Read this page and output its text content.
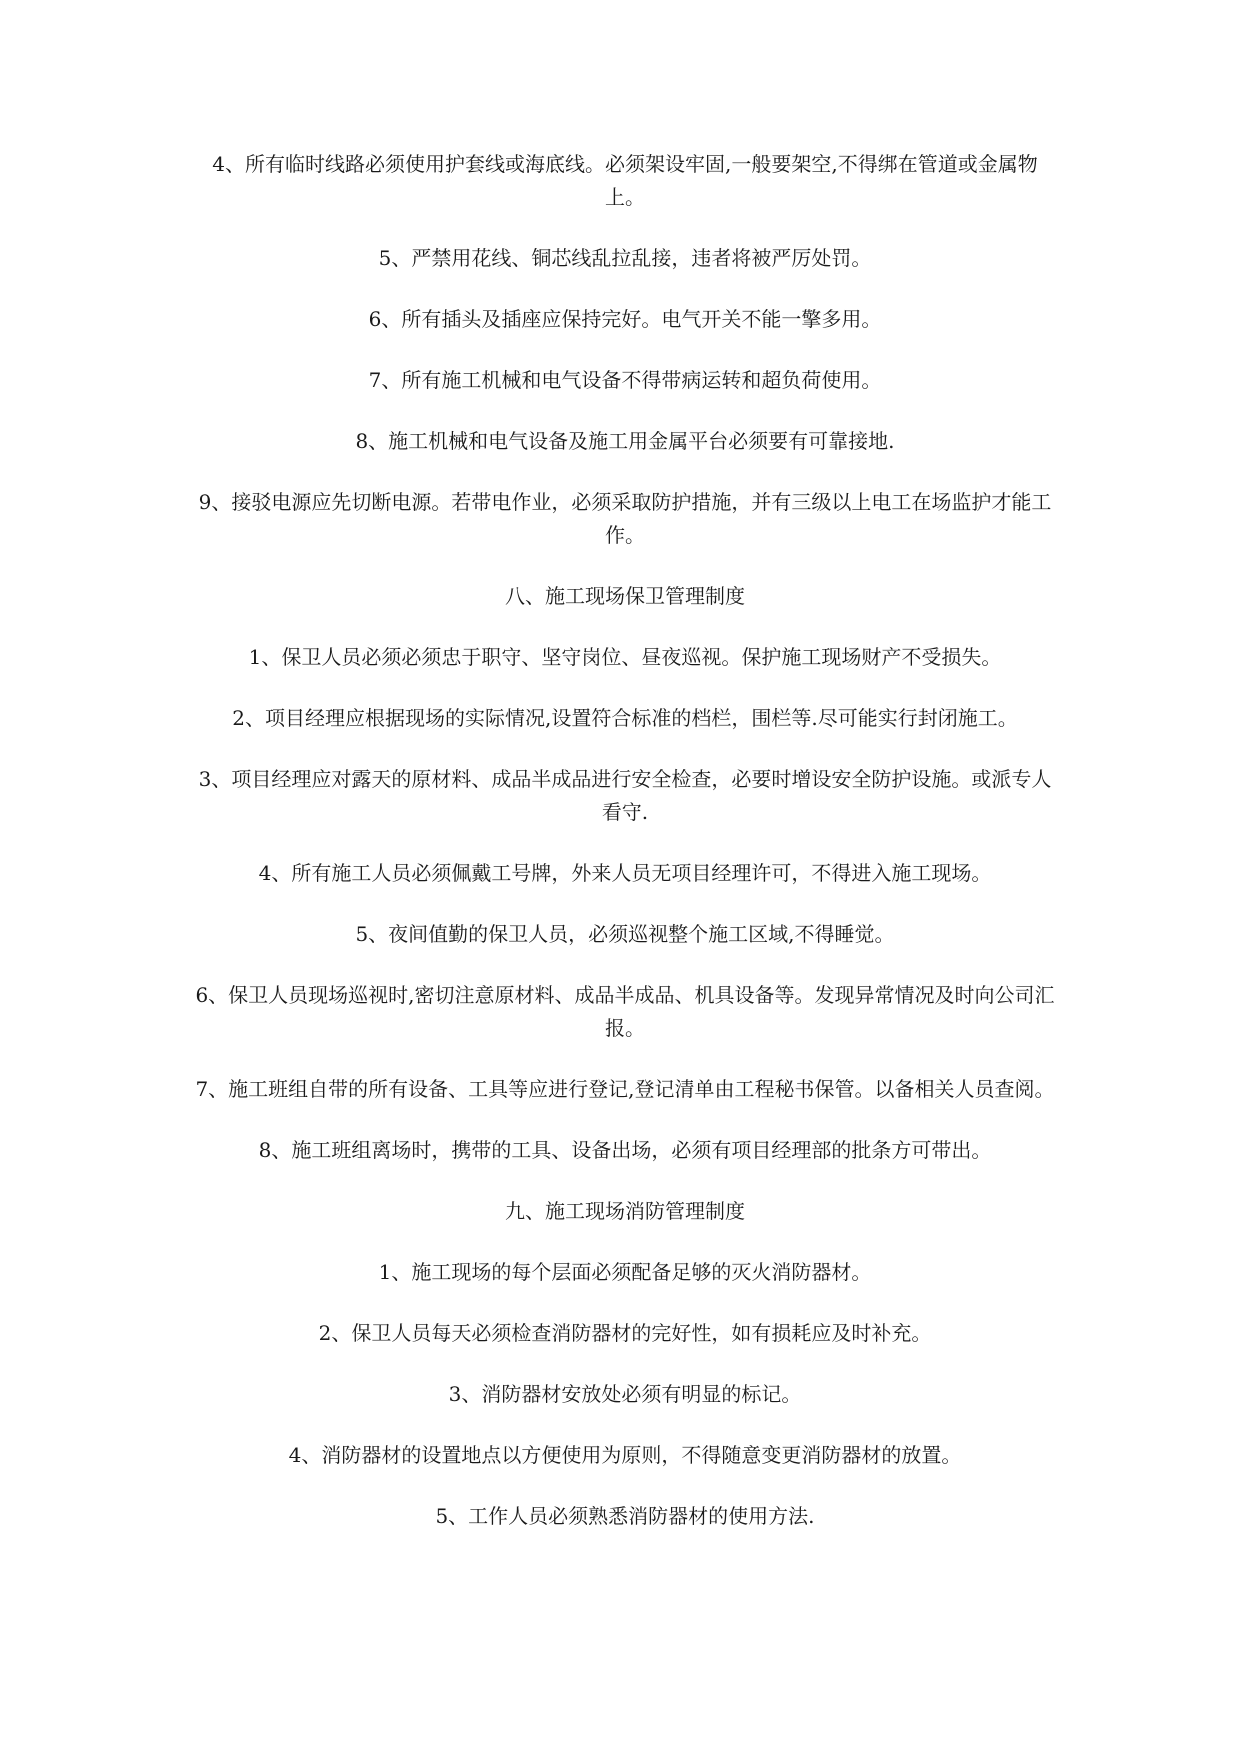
4、所有临时线路必须使用护套线或海底线。必须架设牢固,一般要架空,不得绑在管道或金属物上。

5、严禁用花线、铜芯线乱拉乱接，违者将被严厉处罚。

6、所有插头及插座应保持完好。电气开关不能一擎多用。

7、所有施工机械和电气设备不得带病运转和超负荷使用。

8、施工机械和电气设备及施工用金属平台必须要有可靠接地.

9、接驳电源应先切断电源。若带电作业，必须采取防护措施，并有三级以上电工在场监护才能工作。

八、施工现场保卫管理制度

1、保卫人员必须必须忠于职守、坚守岗位、昼夜巡视。保护施工现场财产不受损失。

2、项目经理应根据现场的实际情况,设置符合标准的档栏，围栏等.尽可能实行封闭施工。

3、项目经理应对露天的原材料、成品半成品进行安全检查，必要时增设安全防护设施。或派专人看守.

4、所有施工人员必须佩戴工号牌，外来人员无项目经理许可，不得进入施工现场。

5、夜间值勤的保卫人员，必须巡视整个施工区域,不得睡觉。

6、保卫人员现场巡视时,密切注意原材料、成品半成品、机具设备等。发现异常情况及时向公司汇报。

7、施工班组自带的所有设备、工具等应进行登记,登记清单由工程秘书保管。以备相关人员查阅。

8、施工班组离场时，携带的工具、设备出场，必须有项目经理部的批条方可带出。

九、施工现场消防管理制度

1、施工现场的每个层面必须配备足够的灭火消防器材。

2、保卫人员每天必须检查消防器材的完好性，如有损耗应及时补充。

3、消防器材安放处必须有明显的标记。

4、消防器材的设置地点以方便使用为原则，不得随意变更消防器材的放置。

5、工作人员必须熟悉消防器材的使用方法.
